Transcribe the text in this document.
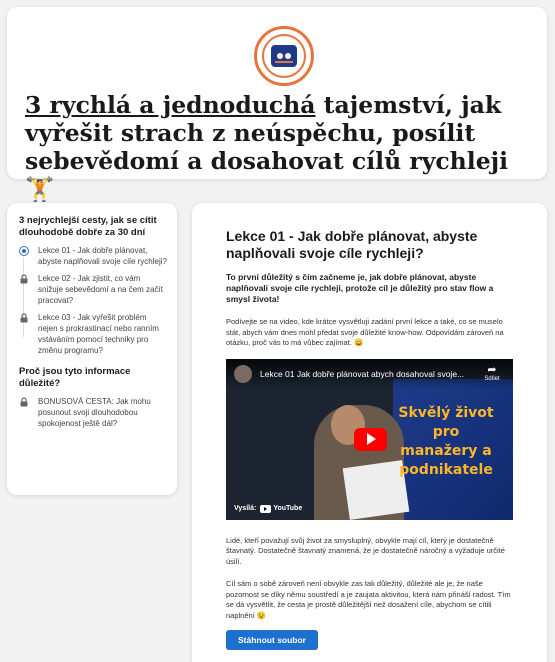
3 rychlá a jednoduchá tajemství, jak vyřešit strach z neúspěchu, posílit sebevědomí a dosahovat cílů rychleji 🏋️
3 nejrychlejší cesty, jak se cítit dlouhodobě dobře za 30 dní
Lekce 01 - Jak dobře plánovat, abyste naplňovali svoje cíle rychleji?
Lekce 02 - Jak zjistit, co vám snižuje sebevědomí a na čem začít pracovat?
Lekce 03 - Jak vyřešit problém nejen s prokrastinací nebo ranním vstáváním pomocí techniky pro změnu programu?
Proč jsou tyto informace důležité?
BONUSOVÁ CESTA: Jak mohu posunout svoji dlouhodobou spokojenost ještě dál?
Lekce 01 - Jak dobře plánovat, abyste naplňovali svoje cíle rychleji?

To první důležitý s čím začneme je, jak dobře plánovat, abyste naplňovali svoje cíle rychleji, protože cíl je důležitý pro stav flow a smysl života!

Podívejte se na video, kde krátce vysvětluji zadání první lekce a také, co se muselo stát, abych vám dnes mohl předat svoje důležité know-how. Odpovídám zároveň na otázku, proč vás to má vůbec zajímat. 😀

Skvělý život pro
manažery a
podnikatele
Lekce 01 Jak dobře plánovat abych dosahoval svoje...	➦
Sdílet
Vysílá: YouTube

Lidé, kteří považují svůj život za smysluplný, obvykle mají cíl, který je dostatečně štavnatý. Dostatečně štavnatý znamená, že je dostatečně náročný a vyžaduje určité úsilí.

Cíl sám o sobě zároveň není obvykle zas tak důležitý, důležité ale je, že naše pozornost se díky němu soustředí a je zaujata aktivitou, která nám přináší radost. Tím se dá vysvětlit, že cesta je prostě důležitější než dosažení cíle, abychom se cítili naplnění 😉

Stáhnout soubor
